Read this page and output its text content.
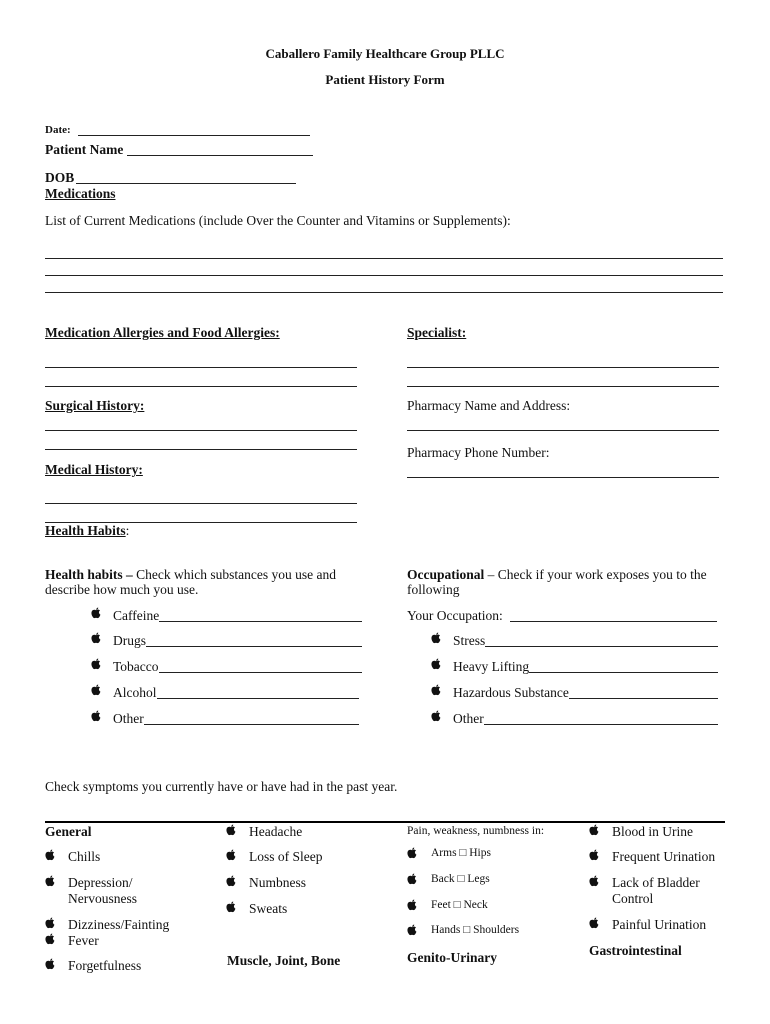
Caballero Family Healthcare Group PLLC
Patient History Form
Date:
Patient Name
DOB
Medications
List of Current Medications (include Over the Counter and Vitamins or Supplements):
Medication Allergies and Food Allergies:
Surgical History:
Medical History:
Health Habits:
Health habits – Check which substances you use and
describe how much you use.
Caffeine
Drugs
Tobacco
Alcohol
Other
Specialist:
Pharmacy Name and Address:
Pharmacy Phone Number:
Occupational – Check if your work exposes you to the
following
Your Occupation:
Stress
Heavy Lifting
Hazardous Substance
Other
Check symptoms you currently have or have had in the past year.
General
Chills
Depression/
Nervousness
Dizziness/Fainting
Fever
Forgetfulness
Headache
Loss of Sleep
Numbness
Sweats
Arms □ Hips
Back □ Legs
Feet □ Neck
Hands □ Shoulders
Blood in Urine
Frequent Urination
Lack of Bladder
Control
Painful Urination
Muscle, Joint, Bone
Pain, weakness, numbness in:
Genito-Urinary	Gastrointestinal
